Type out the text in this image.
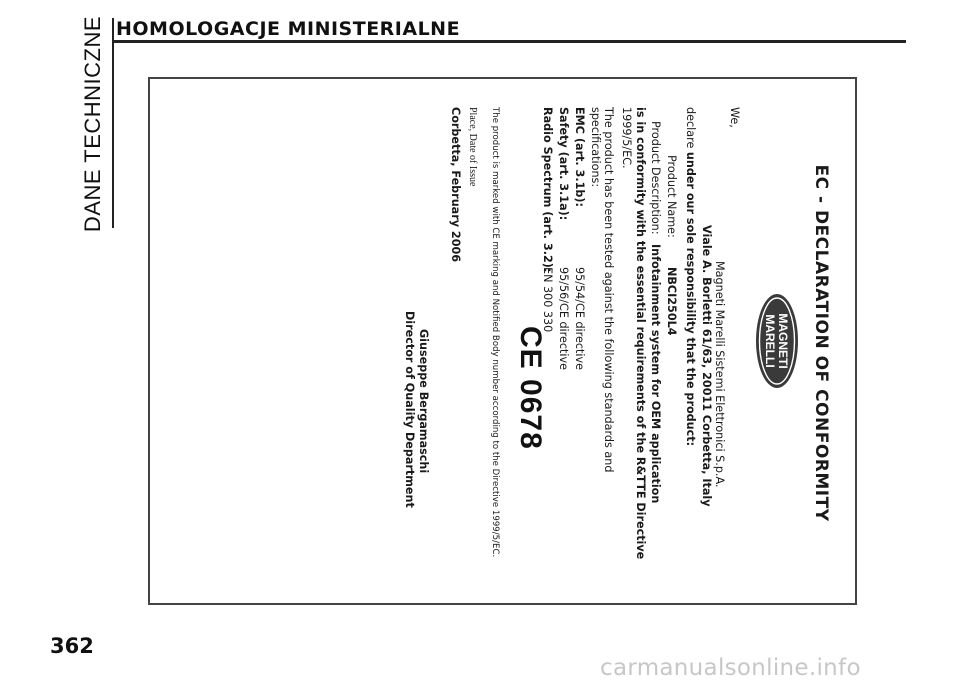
DANE TECHNICZNE HOMOLOGACJE MINISTERIALNE
EC - DECLARATION OF CONFORMITY
MAGNETI
MARELLI
We,
Magneti Marelli Sistemi Elettronici S.p.A.
Viale A. Borletti 61/63, 20011 Corbetta, Italy
declare under our sole responsibility that the product:
Product Name:
NBCI250L4
Product Description:
Infotainment system for OEM application
is in conformity with the essential requirements of the R&TTE Directive
1999/5/EC.
The product has been tested against the following standards and
specifications:
EMC (art. 3.1b):
95/54/CE directive
Safety (art. 3.1a):
95/56/CE directive
Radio Spectrum (art. 3.2):
EN 300 330
CE 0678
The product is marked with CE marking and Notified Body number according to the Directive 1999/5/EC.
Place, Date of Issue
Corbetta, February 2006
Giuseppe Bergamaschi
Director of Quality Department
362
carmanualsonline.info
